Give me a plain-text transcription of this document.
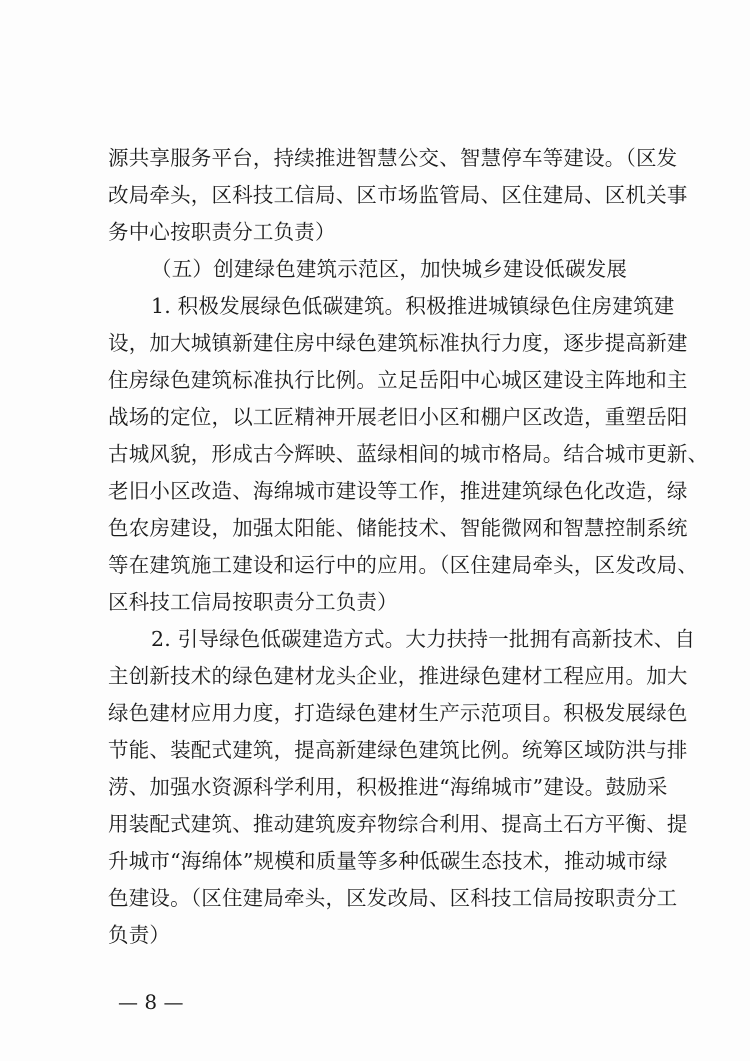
源共享服务平台，持续推进智慧公交、智慧停车等建设。（区发
改局牵头，区科技工信局、区市场监管局、区住建局、区机关事
务中心按职责分工负责）
（五）创建绿色建筑示范区，加快城乡建设低碳发展
1. 积极发展绿色低碳建筑。积极推进城镇绿色住房建筑建
设，加大城镇新建住房中绿色建筑标准执行力度，逐步提高新建
住房绿色建筑标准执行比例。立足岳阳中心城区建设主阵地和主
战场的定位，以工匠精神开展老旧小区和棚户区改造，重塑岳阳
古城风貌，形成古今辉映、蓝绿相间的城市格局。结合城市更新、
老旧小区改造、海绵城市建设等工作，推进建筑绿色化改造，绿
色农房建设，加强太阳能、储能技术、智能微网和智慧控制系统
等在建筑施工建设和运行中的应用。（区住建局牵头，区发改局、
区科技工信局按职责分工负责）
2. 引导绿色低碳建造方式。大力扶持一批拥有高新技术、自
主创新技术的绿色建材龙头企业，推进绿色建材工程应用。加大
绿色建材应用力度，打造绿色建材生产示范项目。积极发展绿色
节能、装配式建筑，提高新建绿色建筑比例。统筹区域防洪与排
涝、加强水资源科学利用，积极推进“海绵城市”建设。鼓励采
用装配式建筑、推动建筑废弃物综合利用、提高土石方平衡、提
升城市“海绵体”规模和质量等多种低碳生态技术，推动城市绿
色建设。（区住建局牵头，区发改局、区科技工信局按职责分工
负责）
— 8 —
